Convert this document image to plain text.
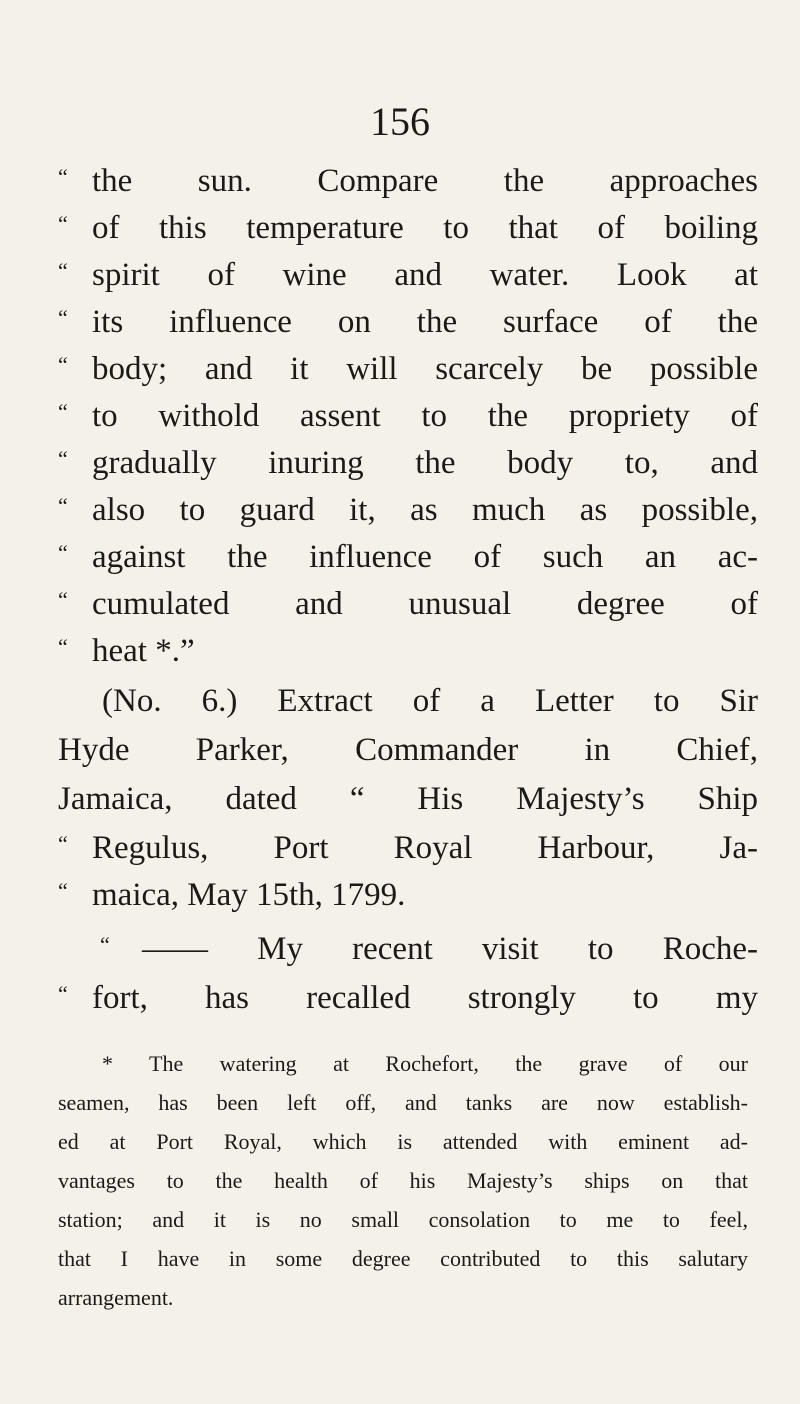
156
“ the sun. Compare the approaches
“ of this temperature to that of boiling
“ spirit of wine and water. Look at
“ its influence on the surface of the
“ body; and it will scarcely be possible
“ to withold assent to the propriety of
“ gradually inuring the body to, and
“ also to guard it, as much as possible,
“ against the influence of such an ac-
“ cumulated and unusual degree of
“ heat *.”
(No. 6.) Extract of a Letter to Sir
Hyde Parker, Commander in Chief,
Jamaica, dated “ His Majesty’s Ship
“ Regulus, Port Royal Harbour, Ja-
“ maica, May 15th, 1799.
“ —— My recent visit to Roche-
“ fort, has recalled strongly to my
* The watering at Rochefort, the grave of our
seamen, has been left off, and tanks are now establish-
ed at Port Royal, which is attended with eminent ad-
vantages to the health of his Majesty’s ships on that
station; and it is no small consolation to me to feel,
that I have in some degree contributed to this salutary
arrangement.
